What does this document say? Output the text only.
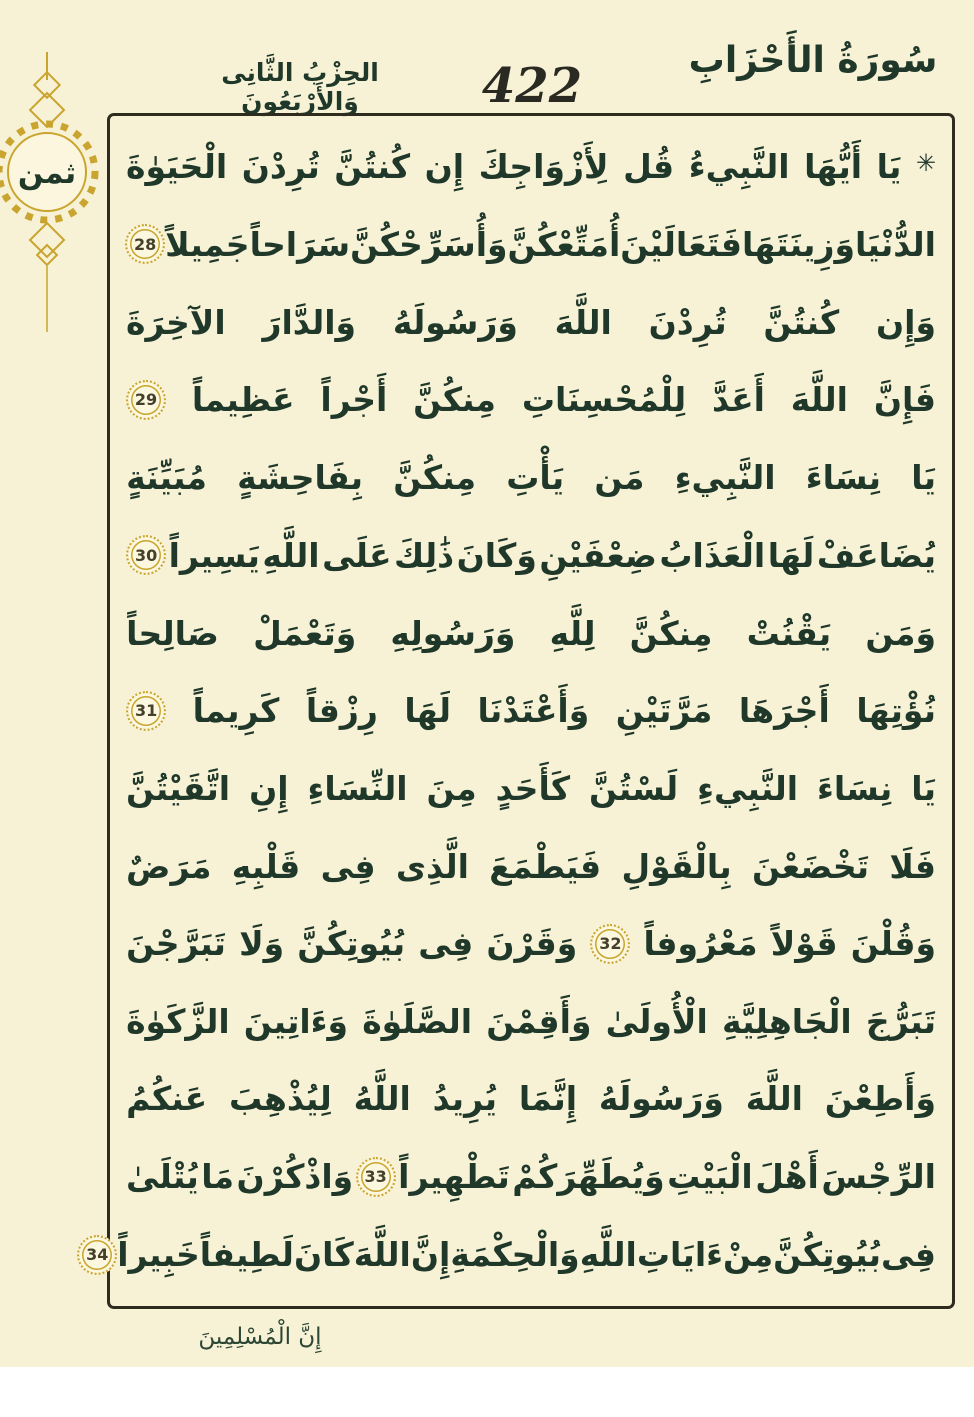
سُورَةُ الأَحْزَابِ
422
الحِزْبُ الثَّانِى وَالأَرْبَعُونَ
ثمن	✳
يَا
أَيُّهَا
النَّبِيءُ
قُل
لِأَزْوَاجِكَ
إِن
كُنتُنَّ
تُرِدْنَ
الْحَيَوٰةَ
الدُّنْيَا
وَزِينَتَهَا
فَتَعَالَيْنَ
أُمَتِّعْكُنَّ
وَأُسَرِّحْكُنَّ
سَرَاحاً
جَمِيلاً
28
وَإِن
كُنتُنَّ
تُرِدْنَ
اللَّهَ
وَرَسُولَهُ
وَالدَّارَ
الآخِرَةَ
فَإِنَّ
اللَّهَ
أَعَدَّ
لِلْمُحْسِنَاتِ
مِنكُنَّ
أَجْراً
عَظِيماً
29
يَا
نِسَاءَ
النَّبِيءِ
مَن
يَأْتِ
مِنكُنَّ
بِفَاحِشَةٍ
مُبَيِّنَةٍ
يُضَاعَفْ
لَهَا
الْعَذَابُ
ضِعْفَيْنِ
وَكَانَ
ذَٰلِكَ
عَلَى
اللَّهِ
يَسِيراً
30
وَمَن
يَقْنُتْ
مِنكُنَّ
لِلَّهِ
وَرَسُولِهِ
وَتَعْمَلْ
صَالِحاً
نُؤْتِهَا
أَجْرَهَا
مَرَّتَيْنِ
وَأَعْتَدْنَا
لَهَا
رِزْقاً
كَرِيماً
31
يَا
نِسَاءَ
النَّبِيءِ
لَسْتُنَّ
كَأَحَدٍ
مِنَ
النِّسَاءِ
إِنِ
اتَّقَيْتُنَّ
فَلَا
تَخْضَعْنَ
بِالْقَوْلِ
فَيَطْمَعَ
الَّذِى
فِى
قَلْبِهِ
مَرَضٌ
وَقُلْنَ
قَوْلاً
مَعْرُوفاً
32
وَقَرْنَ
فِى
بُيُوتِكُنَّ
وَلَا
تَبَرَّجْنَ
تَبَرُّجَ
الْجَاهِلِيَّةِ
الْأُولَىٰ
وَأَقِمْنَ
الصَّلَوٰةَ
وَءَاتِينَ
الزَّكَوٰةَ
وَأَطِعْنَ
اللَّهَ
وَرَسُولَهُ
إِنَّمَا
يُرِيدُ
اللَّهُ
لِيُذْهِبَ
عَنكُمُ
الرِّجْسَ
أَهْلَ
الْبَيْتِ
وَيُطَهِّرَكُمْ
تَطْهِيراً
33
وَاذْكُرْنَ
مَا
يُتْلَىٰ
فِى
بُيُوتِكُنَّ
مِنْ
ءَايَاتِ
اللَّهِ
وَالْحِكْمَةِ
إِنَّ
اللَّهَ
كَانَ
لَطِيفاً
خَبِيراً
34
إِنَّ الْمُسْلِمِينَ
